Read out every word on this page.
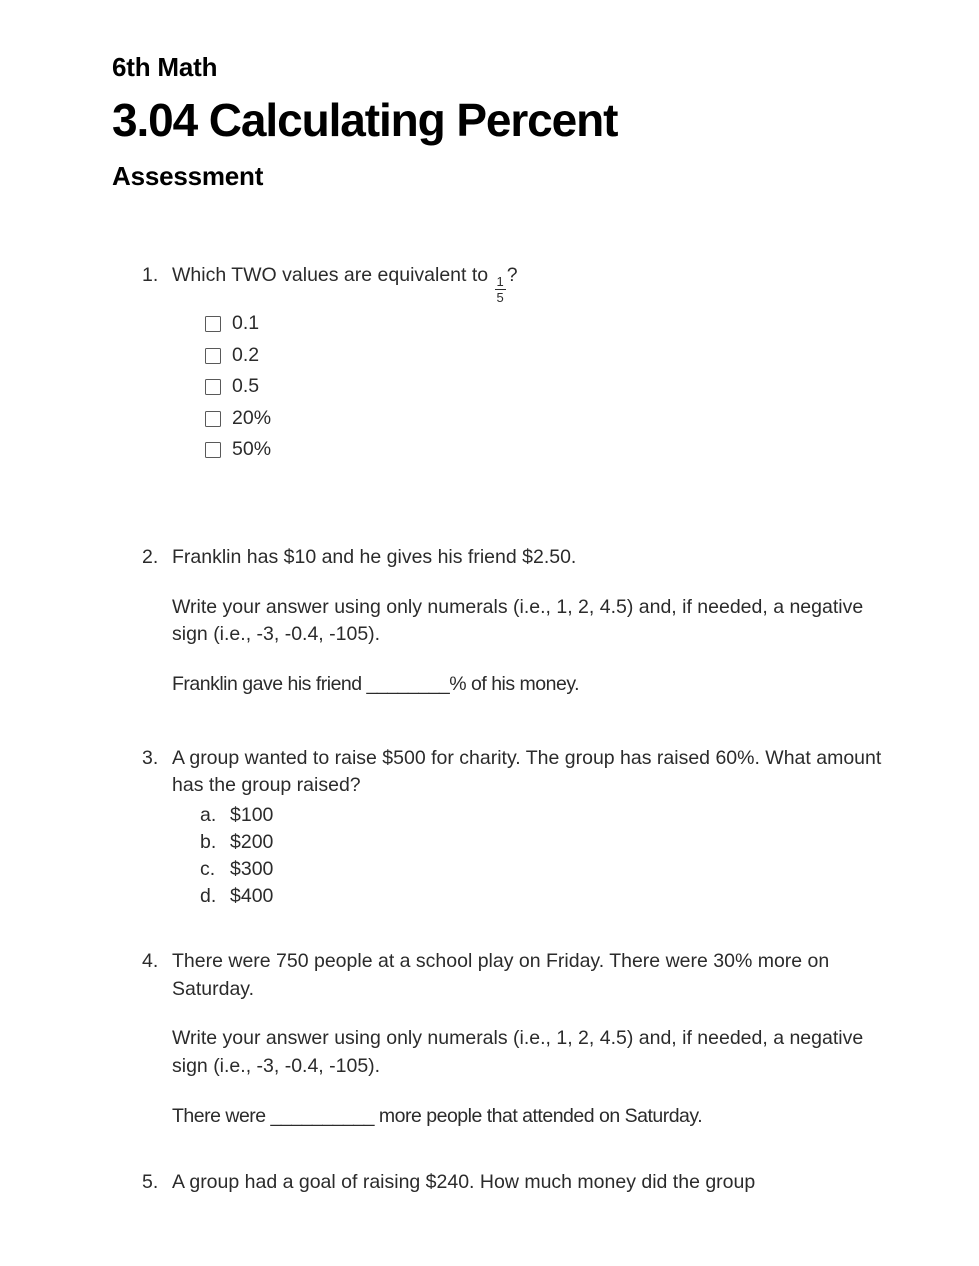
6th Math
3.04 Calculating Percent
Assessment
1. Which TWO values are equivalent to
$\frac{1}{5}$
?
0.1
0.2
0.5
20%
50%
2. Franklin has $10 and he gives his friend $2.50.

Write your answer using only numerals (i.e., 1, 2, 4.5) and, if needed, a negative sign (i.e., -3, -0.4, -105).

Franklin gave his friend ________% of his money.

3. A group wanted to raise $500 for charity. The group has raised 60%. What amount has the group raised?

a. $100
b. $200
c. $300
d. $400
4. There were 750 people at a school play on Friday. There were 30% more on Saturday.

Write your answer using only numerals (i.e., 1, 2, 4.5) and, if needed, a negative sign (i.e., -3, -0.4, -105).

There were __________ more people that attended on Saturday.

5. A group had a goal of raising $240. How much money did the group
